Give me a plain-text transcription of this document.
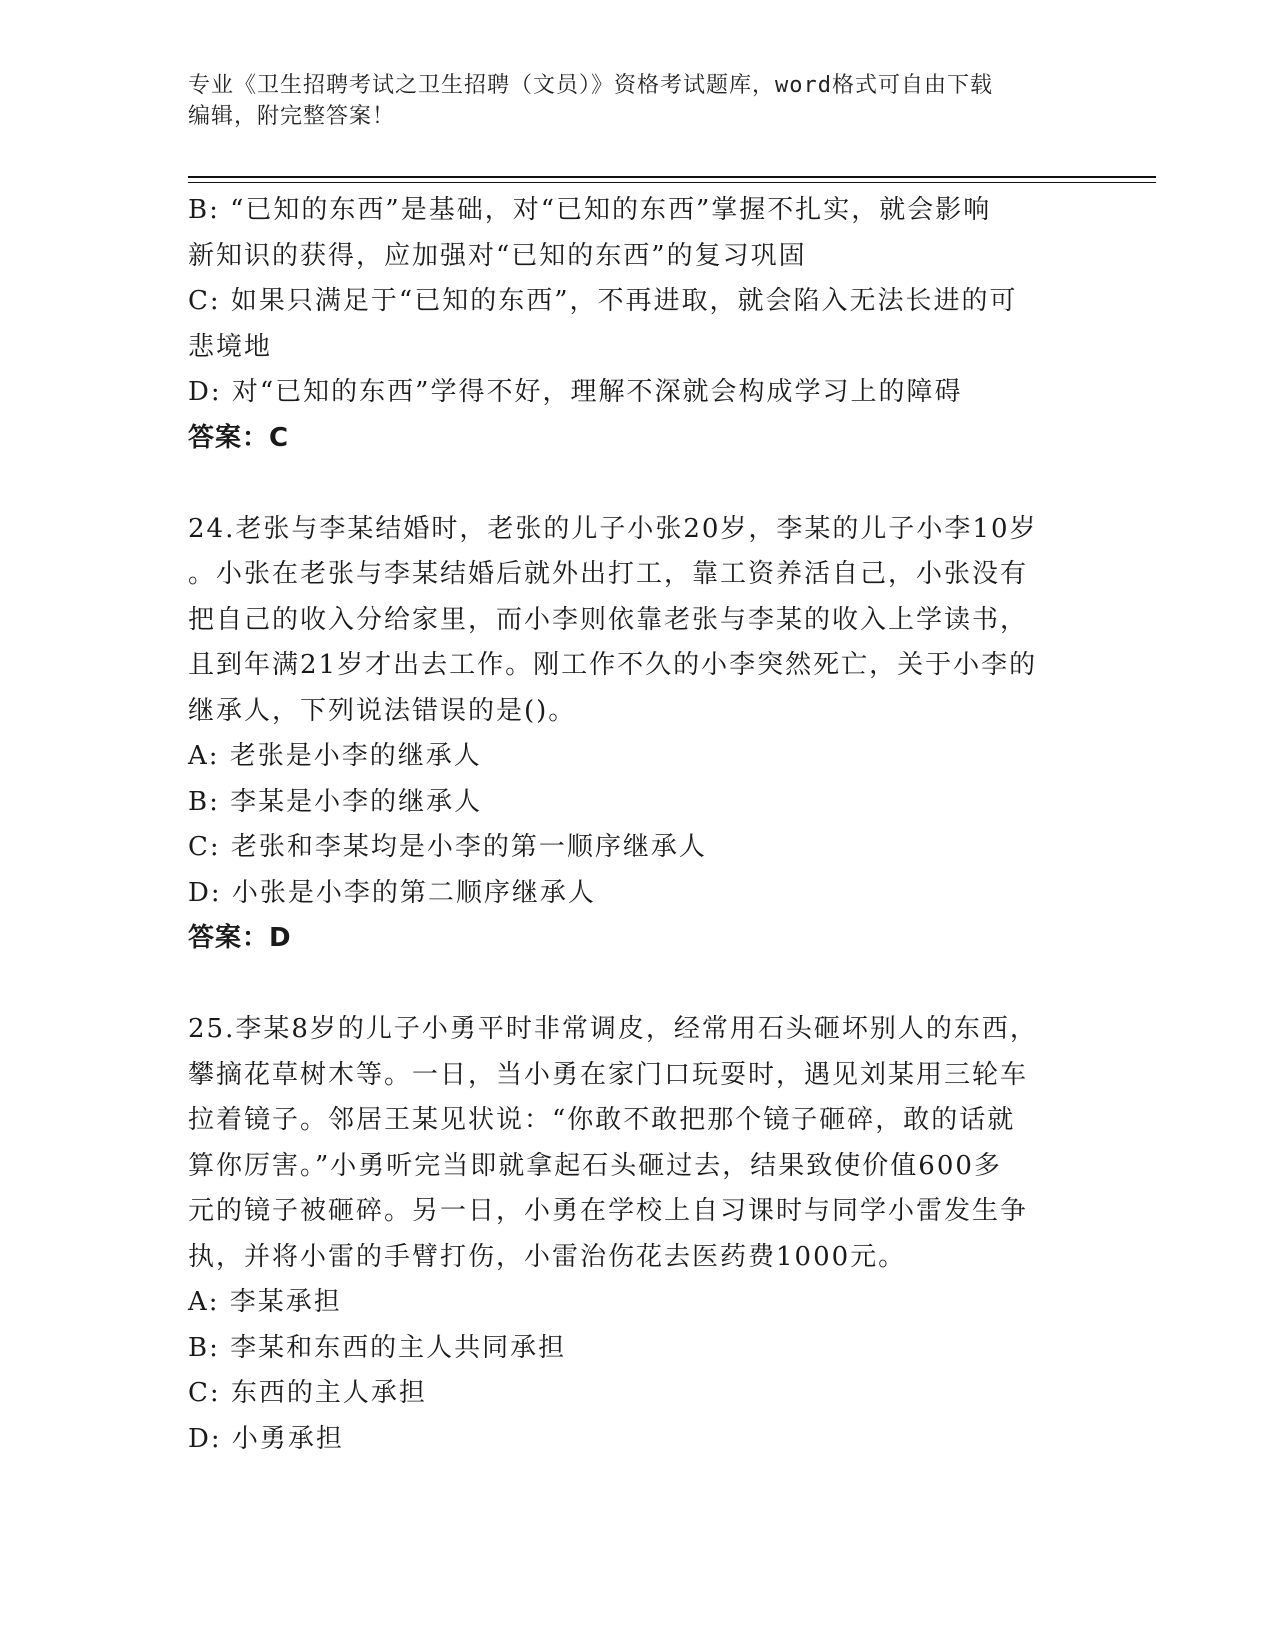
专业《卫生招聘考试之卫生招聘（文员）》资格考试题库，word格式可自由下载
编辑，附完整答案！

B: “已知的东西”是基础，对“已知的东西”掌握不扎实，就会影响

新知识的获得，应加强对“已知的东西”的复习巩固

C: 如果只满足于“已知的东西”，不再进取，就会陷入无法长进的可

悲境地

D: 对“已知的东西”学得不好，理解不深就会构成学习上的障碍

答案：C

24.老张与李某结婚时，老张的儿子小张20岁，李某的儿子小李10岁

。小张在老张与李某结婚后就外出打工，靠工资养活自己，小张没有

把自己的收入分给家里，而小李则依靠老张与李某的收入上学读书，

且到年满21岁才出去工作。刚工作不久的小李突然死亡，关于小李的

继承人，下列说法错误的是()。

A: 老张是小李的继承人

B: 李某是小李的继承人

C: 老张和李某均是小李的第一顺序继承人

D: 小张是小李的第二顺序继承人

答案：D

25.李某8岁的儿子小勇平时非常调皮，经常用石头砸坏别人的东西，

攀摘花草树木等。一日，当小勇在家门口玩耍时，遇见刘某用三轮车

拉着镜子。邻居王某见状说：“你敢不敢把那个镜子砸碎，敢的话就

算你厉害。”小勇听完当即就拿起石头砸过去，结果致使价值600多

元的镜子被砸碎。另一日，小勇在学校上自习课时与同学小雷发生争

执，并将小雷的手臂打伤，小雷治伤花去医药费1000元。

A: 李某承担

B: 李某和东西的主人共同承担

C: 东西的主人承担

D: 小勇承担
